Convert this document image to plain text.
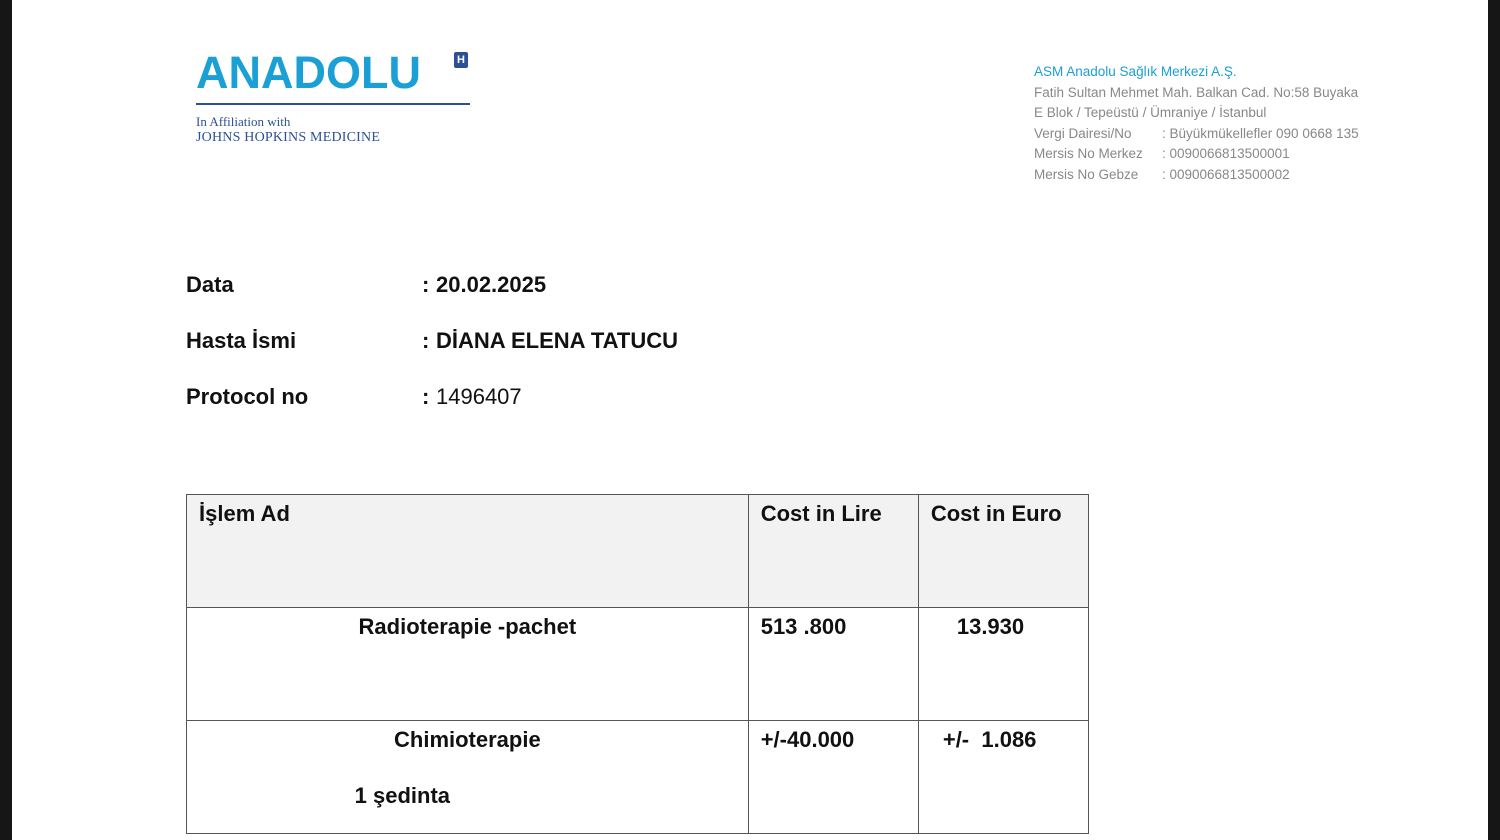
ANADOLU	H
In Affiliation with
JOHNS HOPKINS MEDICINE
ASM Anadolu Sağlık Merkezi A.Ş.
Fatih Sultan Mehmet Mah. Balkan Cad. No:58 Buyaka
E Blok / Tepeüstü / Ümraniye / İstanbul
Vergi Dairesi/No : Büyükmükellefler 090 0668 135
Mersis No Merkez : 0090066813500001
Mersis No Gebze : 0090066813500002
Data	: 20.02.2025
Hasta İsmi	: DİANA ELENA TATUCU
Protocol no	: 1496407
İşlem Ad	Cost in Lire	Cost in Euro
Radioterapie -pachet	513 .800	13.930

Chimioterapie
1 şedinta	+/-40.000	+/-  1.086
